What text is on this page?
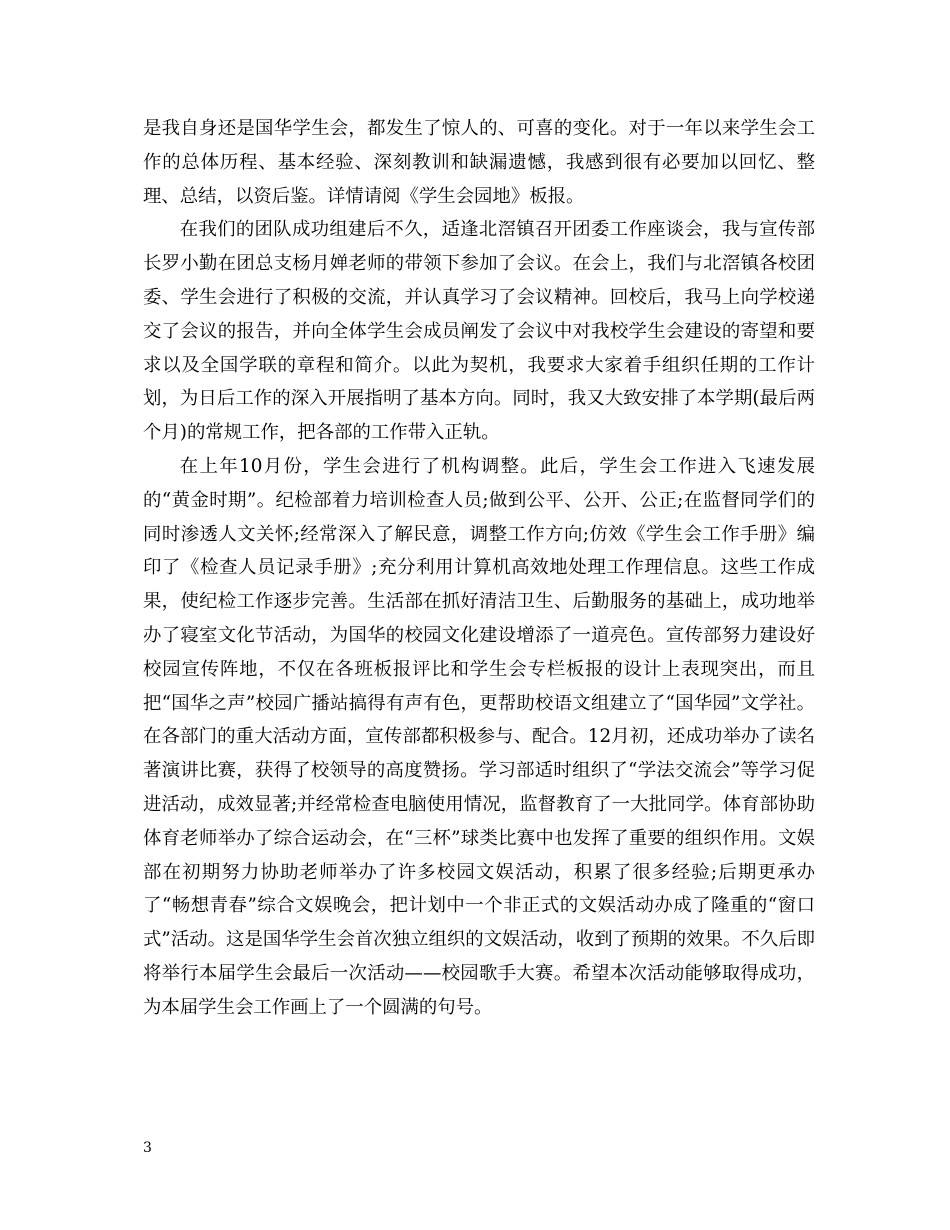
是我自身还是国华学生会，都发生了惊人的、可喜的变化。对于一年以来学生会工作的总体历程、基本经验、深刻教训和缺漏遗憾，我感到很有必要加以回忆、整理、总结，以资后鉴。详情请阅《学生会园地》板报。

在我们的团队成功组建后不久，适逢北滘镇召开团委工作座谈会，我与宣传部长罗小勤在团总支杨月婵老师的带领下参加了会议。在会上，我们与北滘镇各校团委、学生会进行了积极的交流，并认真学习了会议精神。回校后，我马上向学校递交了会议的报告，并向全体学生会成员阐发了会议中对我校学生会建设的寄望和要求以及全国学联的章程和简介。以此为契机，我要求大家着手组织任期的工作计划，为日后工作的深入开展指明了基本方向。同时，我又大致安排了本学期(最后两个月)的常规工作，把各部的工作带入正轨。

在上年10月份，学生会进行了机构调整。此后，学生会工作进入飞速发展的“黄金时期”。纪检部着力培训检查人员;做到公平、公开、公正;在监督同学们的同时渗透人文关怀;经常深入了解民意，调整工作方向;仿效《学生会工作手册》编印了《检查人员记录手册》;充分利用计算机高效地处理工作理信息。这些工作成果，使纪检工作逐步完善。生活部在抓好清洁卫生、后勤服务的基础上，成功地举办了寝室文化节活动，为国华的校园文化建设增添了一道亮色。宣传部努力建设好校园宣传阵地，不仅在各班板报评比和学生会专栏板报的设计上表现突出，而且把“国华之声”校园广播站搞得有声有色，更帮助校语文组建立了“国华园”文学社。在各部门的重大活动方面，宣传部都积极参与、配合。12月初，还成功举办了读名著演讲比赛，获得了校领导的高度赞扬。学习部适时组织了“学法交流会”等学习促进活动，成效显著;并经常检查电脑使用情况，监督教育了一大批同学。体育部协助体育老师举办了综合运动会，在“三杯”球类比赛中也发挥了重要的组织作用。文娱部在初期努力协助老师举办了许多校园文娱活动，积累了很多经验;后期更承办了“畅想青春”综合文娱晚会，把计划中一个非正式的文娱活动办成了隆重的“窗口式”活动。这是国华学生会首次独立组织的文娱活动，收到了预期的效果。不久后即将举行本届学生会最后一次活动——校园歌手大赛。希望本次活动能够取得成功，为本届学生会工作画上了一个圆满的句号。

3
